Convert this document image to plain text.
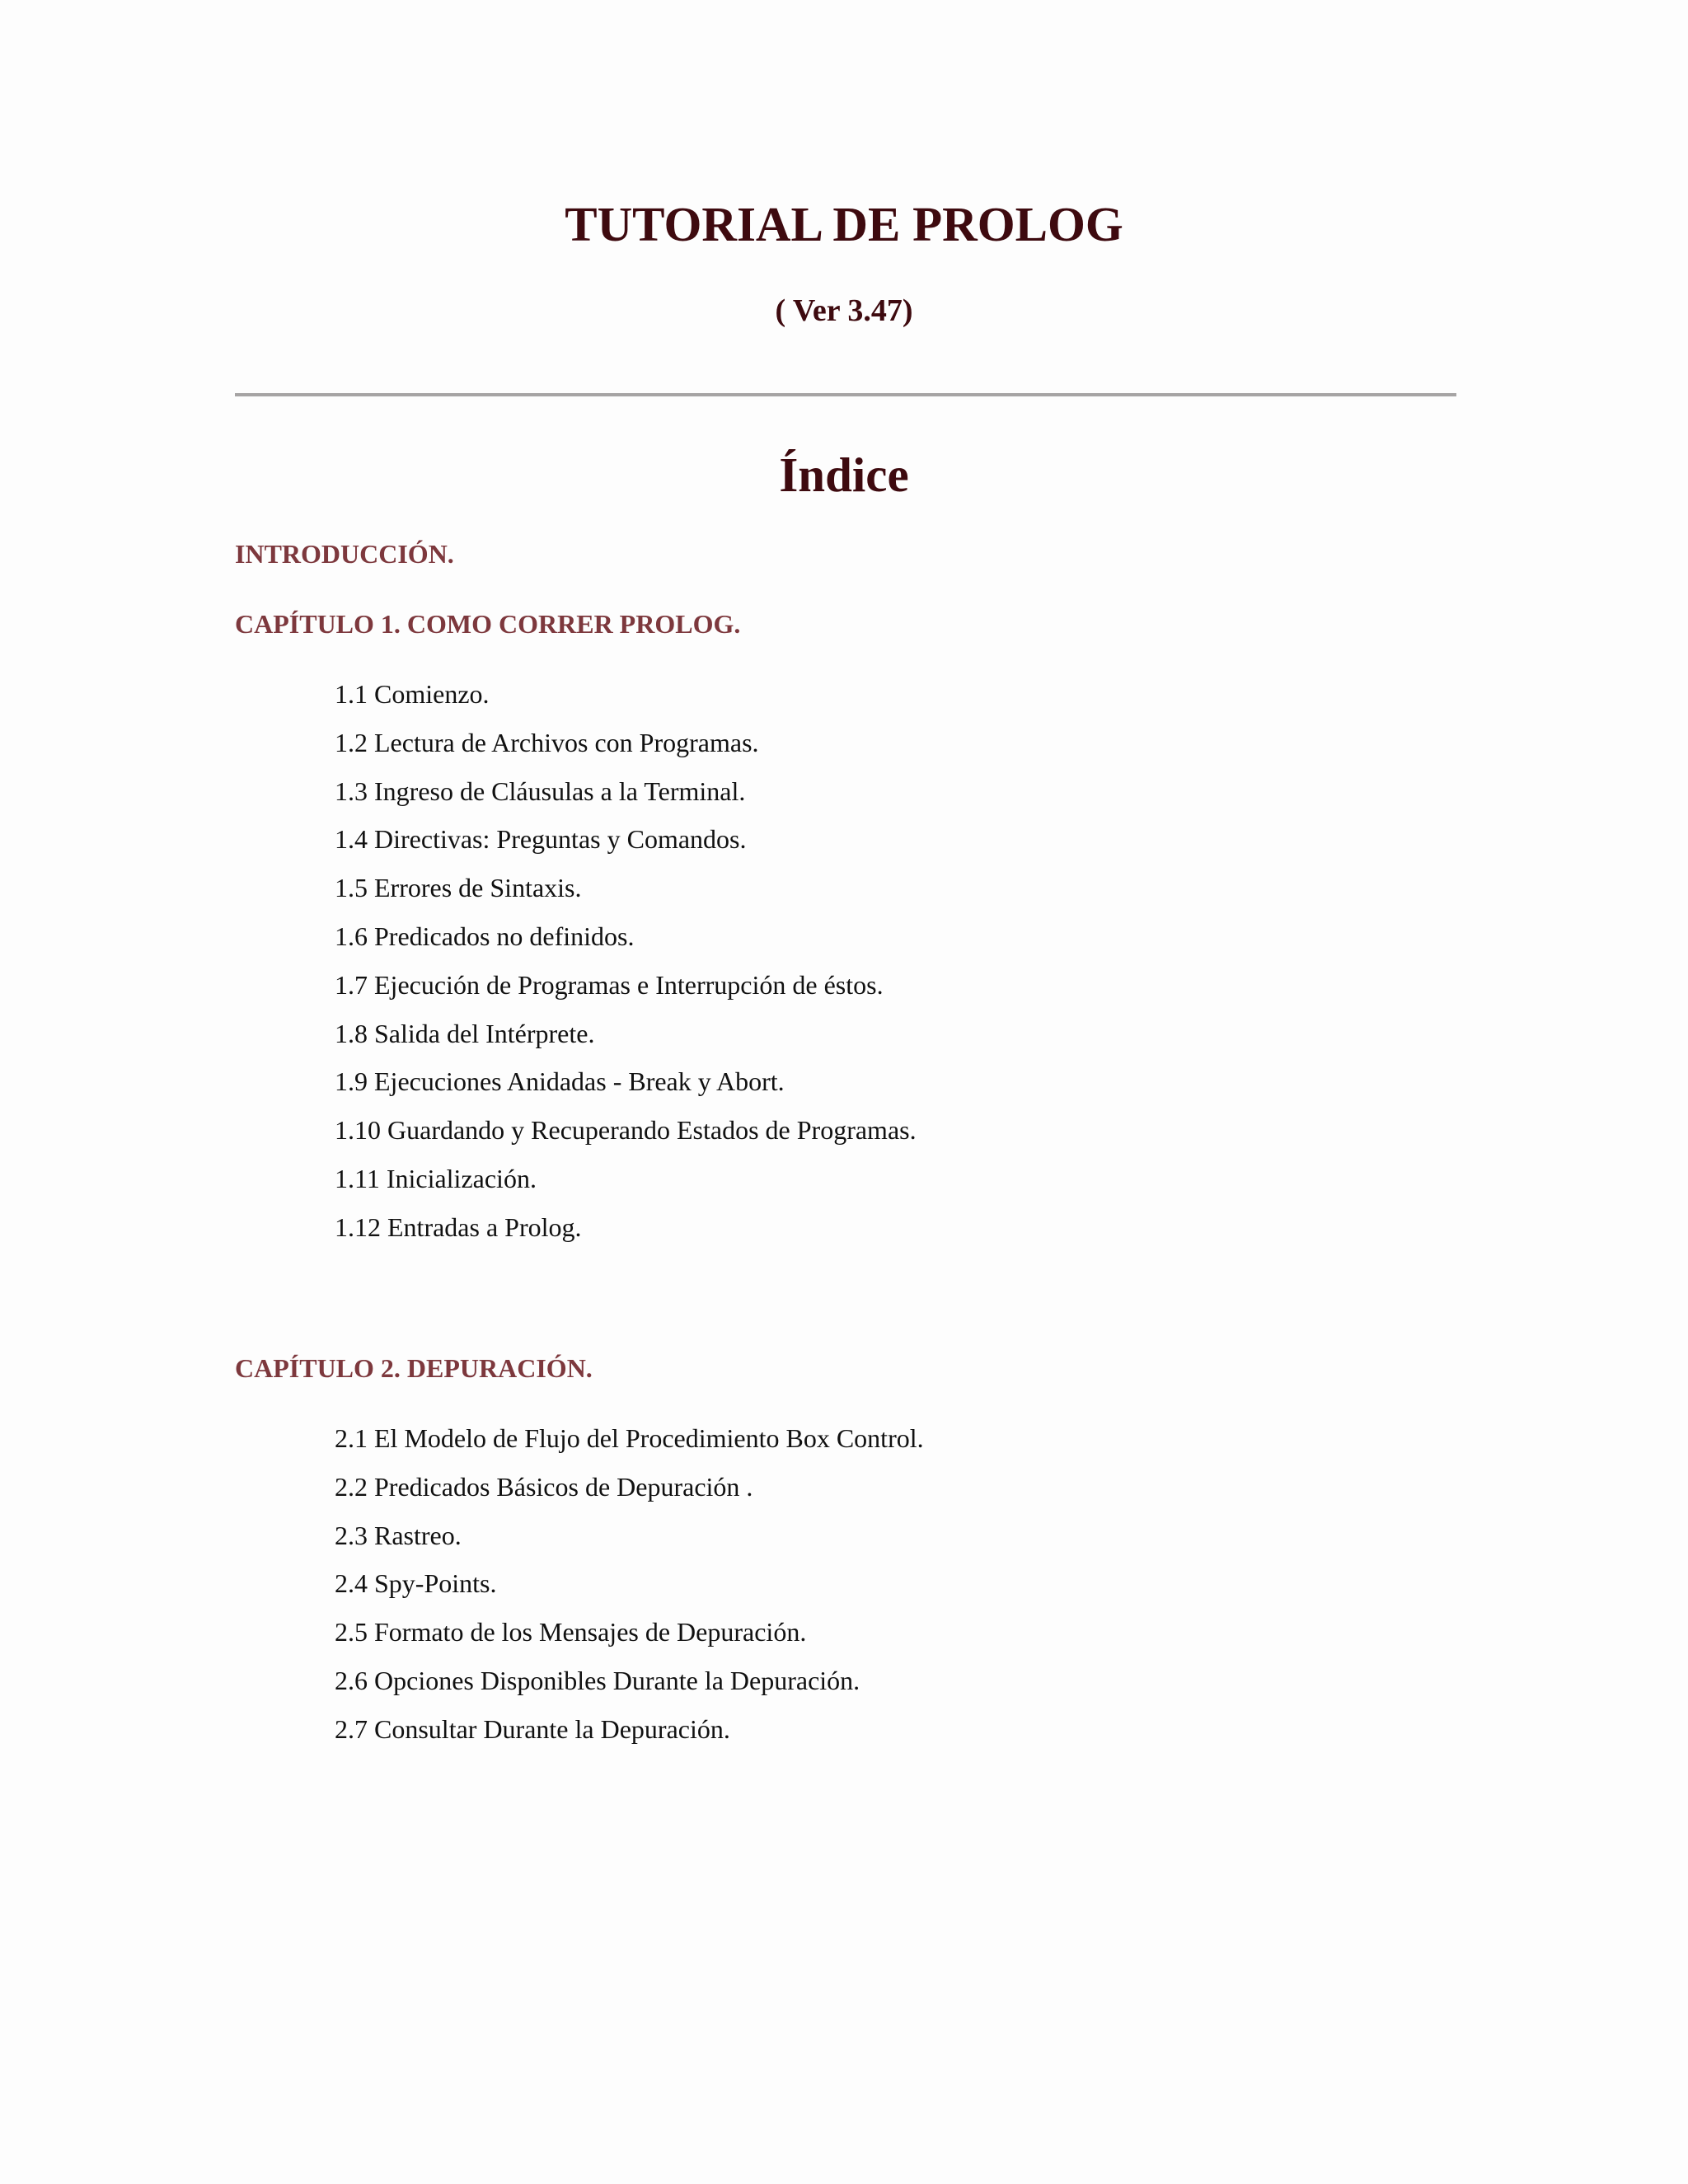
TUTORIAL DE PROLOG
( Ver 3.47)
Índice
INTRODUCCIÓN.
CAPÍTULO 1. COMO CORRER PROLOG.
1.1 Comienzo.
1.2 Lectura de Archivos con Programas.
1.3 Ingreso de Cláusulas a la Terminal.
1.4 Directivas: Preguntas y Comandos.
1.5 Errores de Sintaxis.
1.6 Predicados no definidos.
1.7 Ejecución de Programas e Interrupción de éstos.
1.8 Salida del Intérprete.
1.9 Ejecuciones Anidadas - Break y Abort.
1.10 Guardando y Recuperando Estados de Programas.
1.11 Inicialización.
1.12 Entradas a Prolog.
CAPÍTULO 2. DEPURACIÓN.
2.1 El Modelo de Flujo del Procedimiento Box Control.
2.2 Predicados Básicos de Depuración .
2.3 Rastreo.
2.4 Spy-Points.
2.5 Formato de los Mensajes de Depuración.
2.6 Opciones Disponibles Durante la Depuración.
2.7 Consultar Durante la Depuración.
